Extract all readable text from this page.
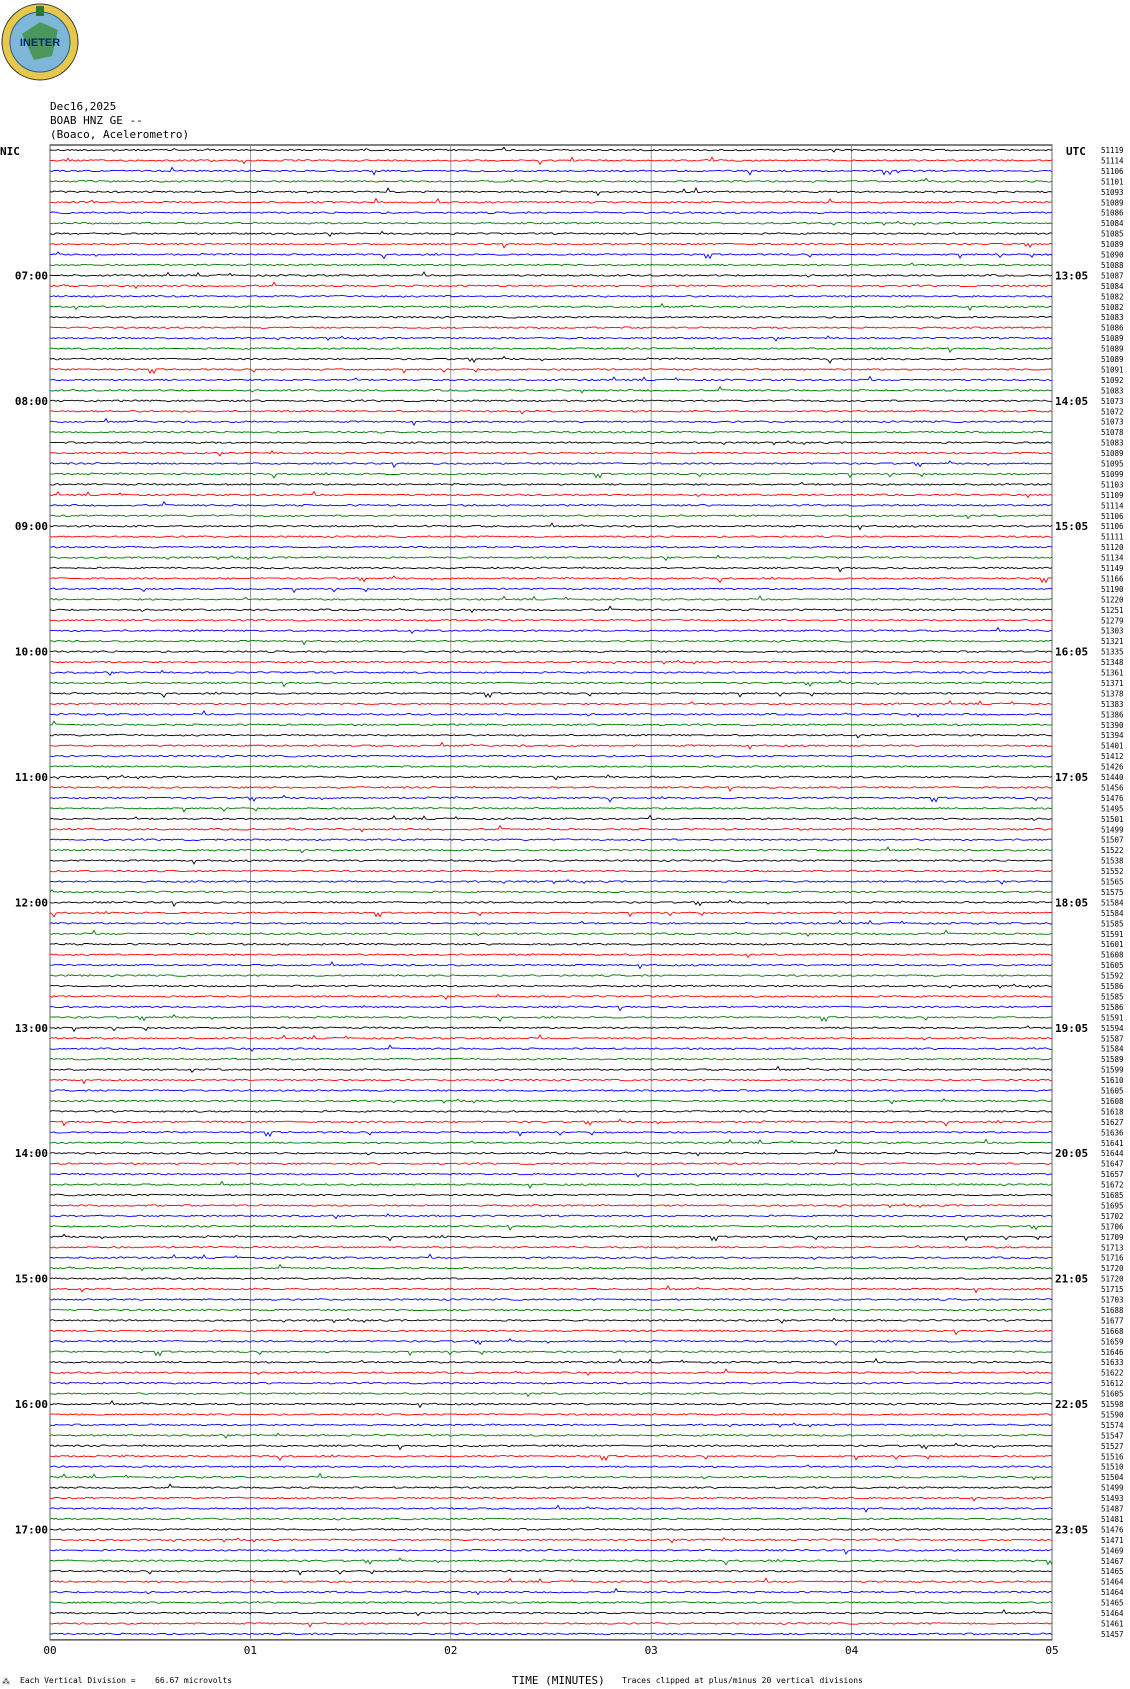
INETER
Dec16,2025
BOAB HNZ GE --
(Boaco, Acelerometro)
NIC	UTC
00	01	02	03	04	05
51119
51114
51106
51101
51093
51089
51086
51084
51085
51089
51090
51088
51087
51084
51082
51082
51083
51086
51089
51089
51089
51091
51092
51083
51073
51072
51073
51078
51083
51089
51095
51099
51103
51109
51114
51106
51106
51111
51120
51134
51149
51166
51190
51220
51251
51279
51303
51321
51335
51348
51361
51371
51378
51383
51386
51390
51394
51401
51412
51426
51440
51456
51476
51495
51501
51499
51507
51522
51538
51552
51565
51575
51584
51584
51585
51591
51601
51608
51605
51592
51586
51585
51586
51591
51594
51587
51584
51589
51599
51610
51605
51608
51618
51627
51636
51641
51644
51647
51657
51672
51685
51695
51702
51706
51709
51713
51716
51720
51720
51715
51703
51688
51677
51668
51659
51646
51633
51622
51612
51605
51598
51590
51574
51547
51527
51516
51510
51504
51499
51493
51487
51481
51476
51471
51469
51467
51465
51464
51464
51465
51464
51461
51457
07:00	13:05
08:00	14:05
09:00	15:05
10:00	16:05
11:00	17:05
12:00	18:05
13:00	19:05
14:00	20:05
15:00	21:05
16:00	22:05
17:00	23:05
⁂ Each Vertical Division = 66.67 microvolts	TIME (MINUTES) Traces clipped at plus/minus 20 vertical divisions
